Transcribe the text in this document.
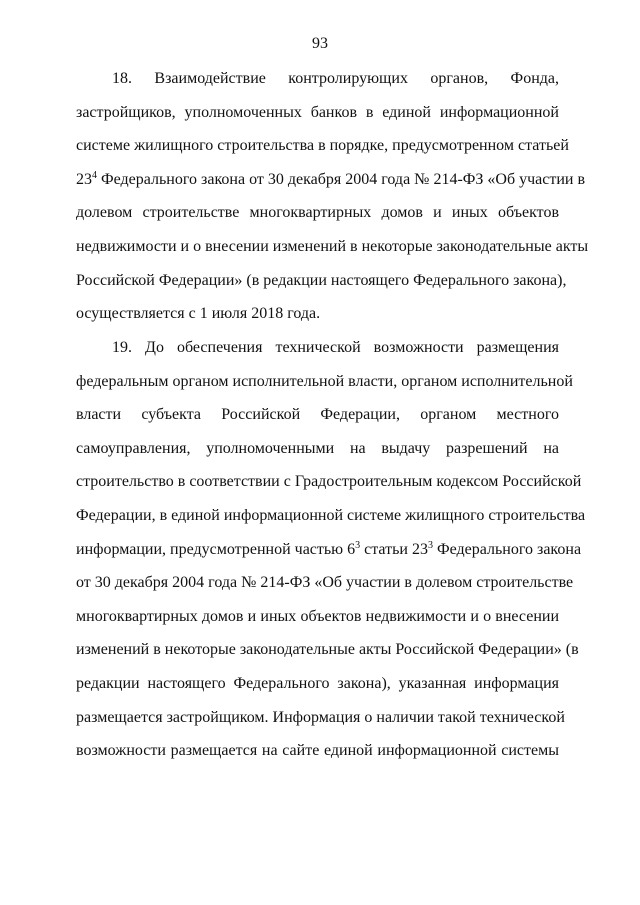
93
18. Взаимодействие контролирующих органов, Фонда,
застройщиков, уполномоченных банков в единой информационной
системе жилищного строительства в порядке, предусмотренном статьей
$23^4$ Федерального закона от 30 декабря 2004 года № 214-ФЗ «Об участии в
долевом строительстве многоквартирных домов и иных объектов
недвижимости и о внесении изменений в некоторые законодательные акты
Российской Федерации» (в редакции настоящего Федерального закона),
осуществляется с 1 июля 2018 года.
19. До обеспечения технической возможности размещения
федеральным органом исполнительной власти, органом исполнительной
власти субъекта Российской Федерации, органом местного
самоуправления, уполномоченными на выдачу разрешений на
строительство в соответствии с Градостроительным кодексом Российской
Федерации, в единой информационной системе жилищного строительства
информации, предусмотренной частью $6^3$ статьи $23^3$ Федерального закона
от 30 декабря 2004 года № 214-ФЗ «Об участии в долевом строительстве
многоквартирных домов и иных объектов недвижимости и о внесении
изменений в некоторые законодательные акты Российской Федерации» (в
редакции настоящего Федерального закона), указанная информация
размещается застройщиком. Информация о наличии такой технической
возможности размещается на сайте единой информационной системы
